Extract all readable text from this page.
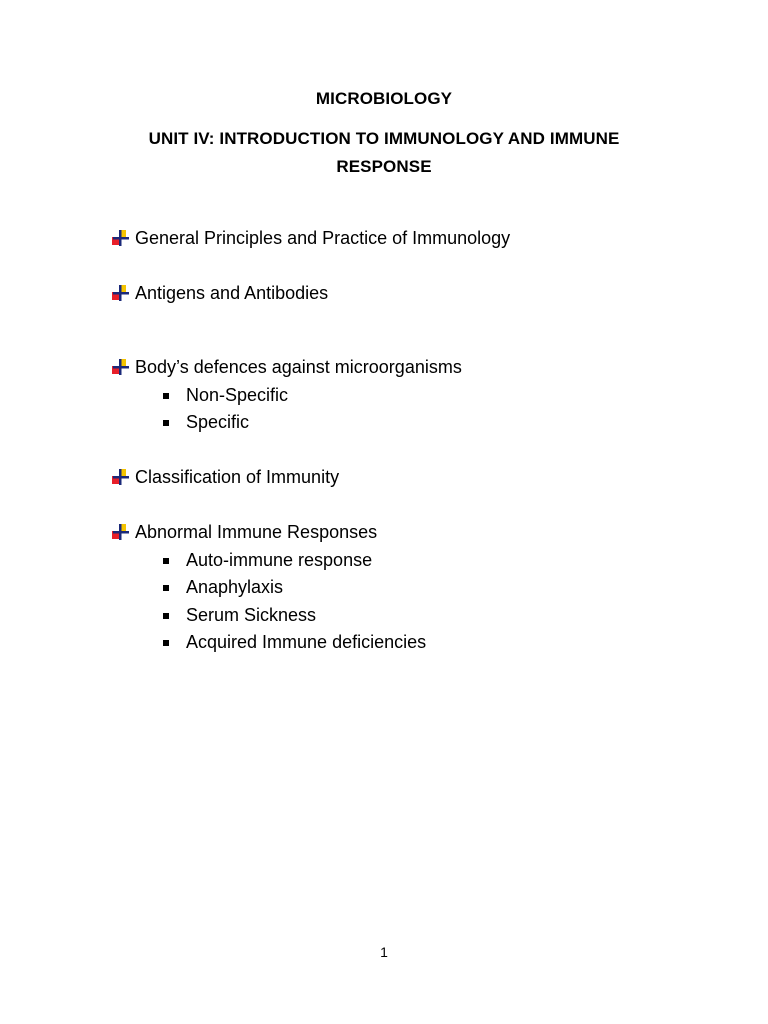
MICROBIOLOGY
UNIT IV: INTRODUCTION TO IMMUNOLOGY AND IMMUNE RESPONSE
General Principles and Practice of Immunology
Antigens and Antibodies
Body’s defences against microorganisms
Non-Specific
Specific
Classification of Immunity
Abnormal Immune Responses
Auto-immune response
Anaphylaxis
Serum Sickness
Acquired Immune deficiencies
1
